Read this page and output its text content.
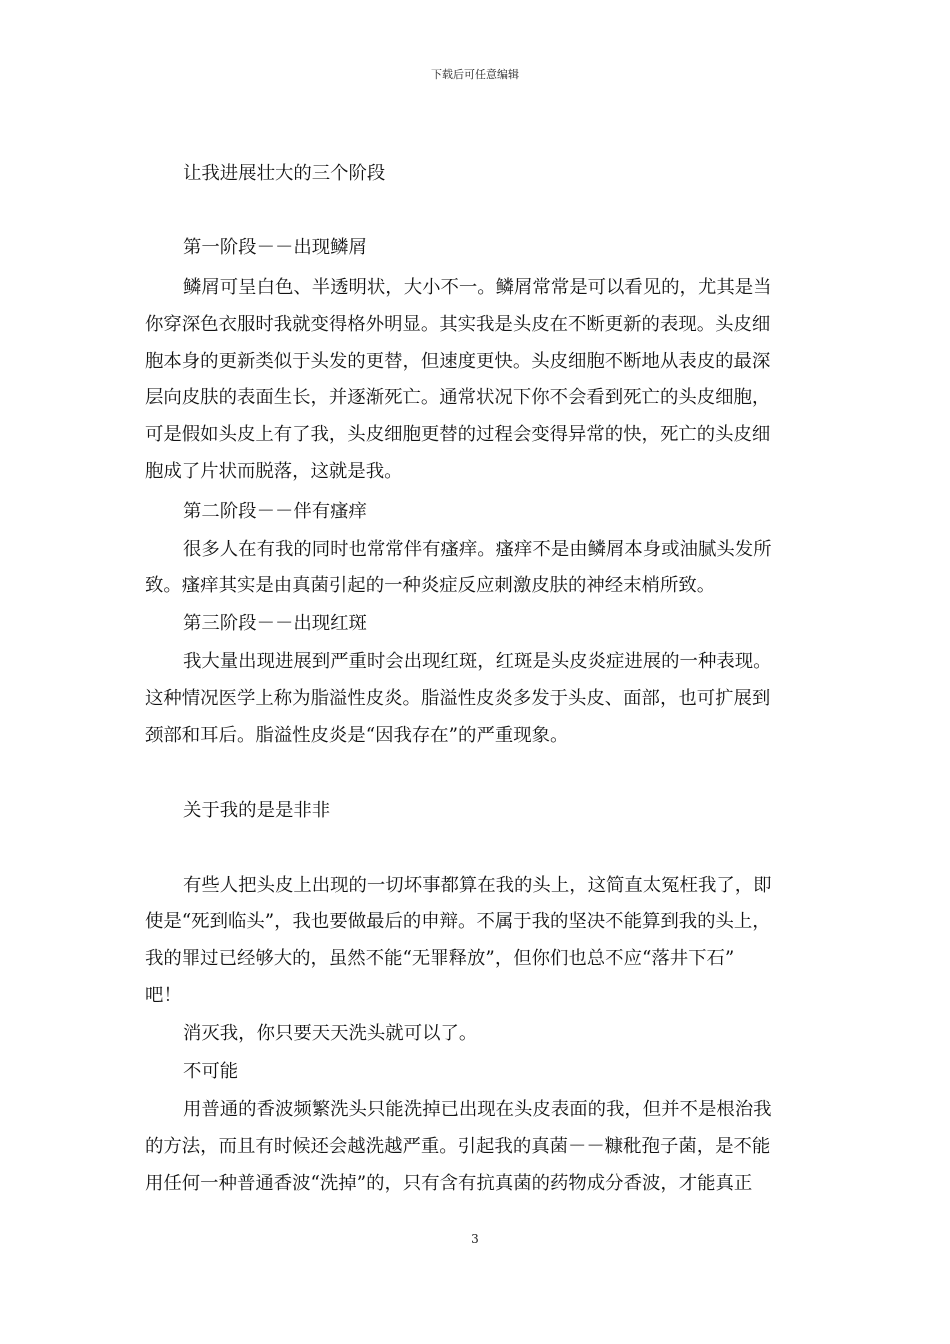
下载后可任意编辑
让我进展壮大的三个阶段
第一阶段－－出现鳞屑
鳞屑可呈白色、半透明状，大小不一。鳞屑常常是可以看见的，尤其是当
你穿深色衣服时我就变得格外明显。其实我是头皮在不断更新的表现。头皮细
胞本身的更新类似于头发的更替，但速度更快。头皮细胞不断地从表皮的最深
层向皮肤的表面生长，并逐渐死亡。通常状况下你不会看到死亡的头皮细胞，
可是假如头皮上有了我，头皮细胞更替的过程会变得异常的快，死亡的头皮细
胞成了片状而脱落，这就是我。
第二阶段－－伴有瘙痒
很多人在有我的同时也常常伴有瘙痒。瘙痒不是由鳞屑本身或油腻头发所
致。瘙痒其实是由真菌引起的一种炎症反应刺激皮肤的神经末梢所致。
第三阶段－－出现红斑
我大量出现进展到严重时会出现红斑，红斑是头皮炎症进展的一种表现。
这种情况医学上称为脂溢性皮炎。脂溢性皮炎多发于头皮、面部，也可扩展到
颈部和耳后。脂溢性皮炎是“因我存在”的严重现象。
关于我的是是非非
有些人把头皮上出现的一切坏事都算在我的头上，这简直太冤枉我了，即
使是“死到临头”，我也要做最后的申辩。不属于我的坚决不能算到我的头上，
我的罪过已经够大的，虽然不能“无罪释放”，但你们也总不应“落井下石”
吧！
消灭我，你只要天天洗头就可以了。
不可能
用普通的香波频繁洗头只能洗掉已出现在头皮表面的我，但并不是根治我
的方法，而且有时候还会越洗越严重。引起我的真菌－－糠秕孢子菌，是不能
用任何一种普通香波“洗掉”的，只有含有抗真菌的药物成分香波，才能真正
3
